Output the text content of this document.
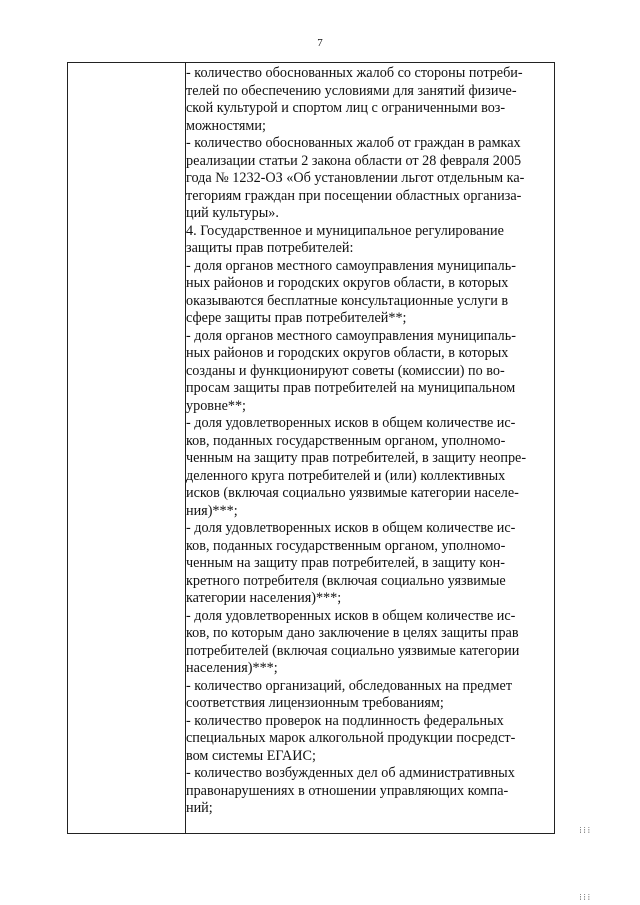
7

- количество обоснованных жалоб со стороны потреби-

телей по обеспечению условиями для занятий физиче-

ской культурой и спортом лиц с ограниченными воз-

можностями;

- количество обоснованных жалоб от граждан в рамках

реализации статьи 2 закона области от 28 февраля 2005

года № 1232-ОЗ «Об установлении льгот отдельным ка-

тегориям граждан при посещении областных организа-

ций культуры».

4. Государственное и муниципальное регулирование

защиты прав потребителей:

- доля органов местного самоуправления муниципаль-

ных районов и городских округов области, в которых

оказываются бесплатные консультационные услуги в

сфере защиты прав потребителей**;

- доля органов местного самоуправления муниципаль-

ных районов и городских округов области, в которых

созданы и функционируют советы (комиссии) по во-

просам защиты прав потребителей на муниципальном

уровне**;

- доля удовлетворенных исков в общем количестве ис-

ков, поданных государственным органом, уполномо-

ченным на защиту прав потребителей, в защиту неопре-

деленного круга потребителей и (или) коллективных

исков (включая социально уязвимые категории населе-

ния)***;

- доля удовлетворенных исков в общем количестве ис-

ков, поданных государственным органом, уполномо-

ченным на защиту прав потребителей, в защиту кон-

кретного потребителя (включая социально уязвимые

категории населения)***;

- доля удовлетворенных исков в общем количестве ис-

ков, по которым дано заключение в целях защиты прав

потребителей (включая социально уязвимые категории

населения)***;

- количество организаций, обследованных на предмет

соответствия лицензионным требованиям;

- количество проверок на подлинность федеральных

специальных марок алкогольной продукции посредст-

вом системы ЕГАИС;

- количество возбужденных дел об административных

правонарушениях в отношении управляющих компа-

ний;

⁞⁞⁞
⁞⁞⁞
